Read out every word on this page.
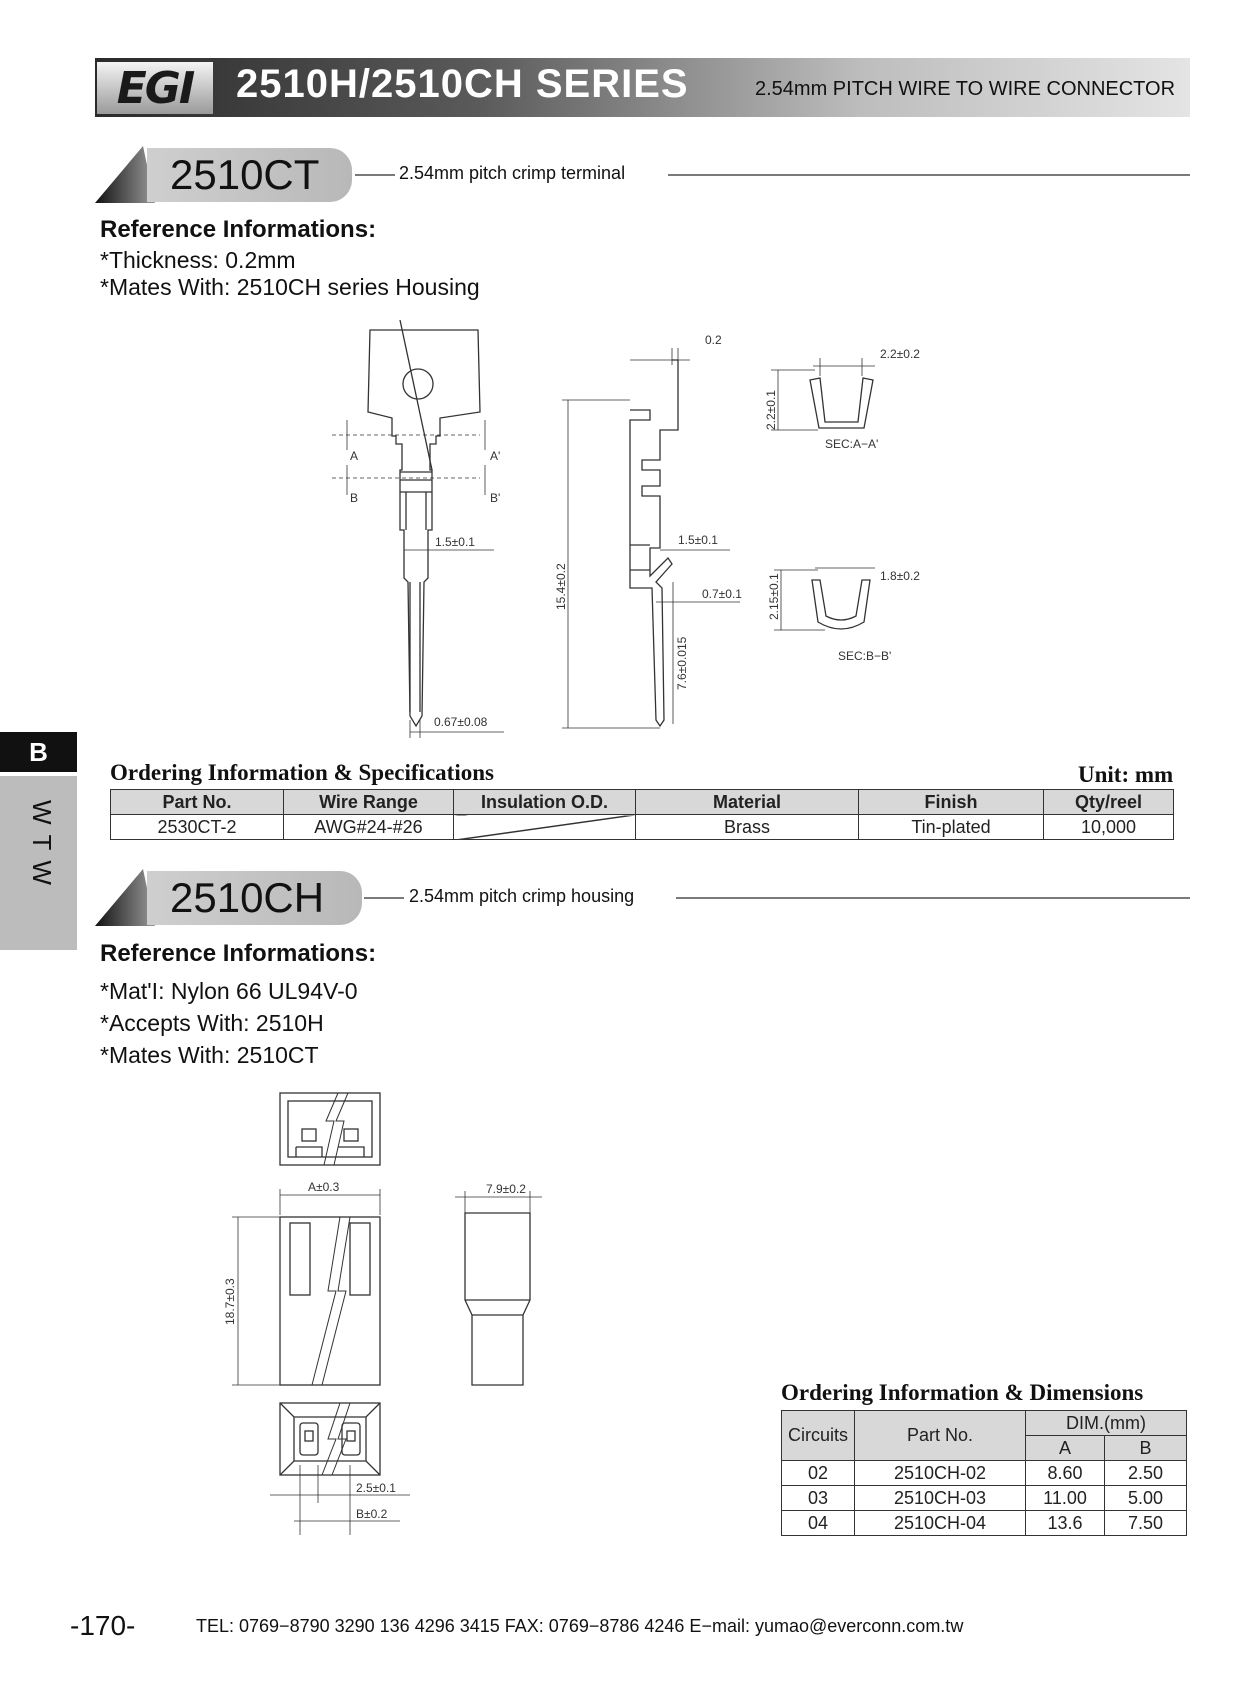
EGI 2510H/2510CH SERIES	2.54mm PITCH WIRE TO WIRE CONNECTOR
B
WTW
2510CT	2.54mm pitch crimp terminal
Reference Informations:
*Thickness: 0.2mm
*Mates With: 2510CH series Housing
0.2
2.2±0.2
2.2±0.1
SEC:A−A'
A	A'
B	B'
1.5±0.1	1.5±0.1
15.4±0.2	0.7±0.1
7.6±0.015
2.15±0.1	1.8±0.2
SEC:B−B'
0.67±0.08
Ordering Information & Specifications	Unit: mm
Part No.	Wire Range	Insulation O.D.	Material	Finish	Qty/reel
2530CT-2	AWG#24-#26		Brass	Tin-plated	10,000
2510CH	2.54mm pitch crimp housing
Reference Informations:
*Mat'I: Nylon 66 UL94V-0
*Accepts With: 2510H
*Mates With: 2510CT
A±0.3	7.9±0.2
18.7±0.3
2.5±0.1
B±0.2
Ordering Information & Dimensions
Circuits	Part No.	DIM.(mm)	
		A	B
02	2510CH-02	8.60	2.50
03	2510CH-03	11.00	5.00
04	2510CH-04	13.6	7.50
-170-	TEL: 0769−8790 3290 136 4296 3415 FAX: 0769−8786 4246 E−mail: yumao@everconn.com.tw
